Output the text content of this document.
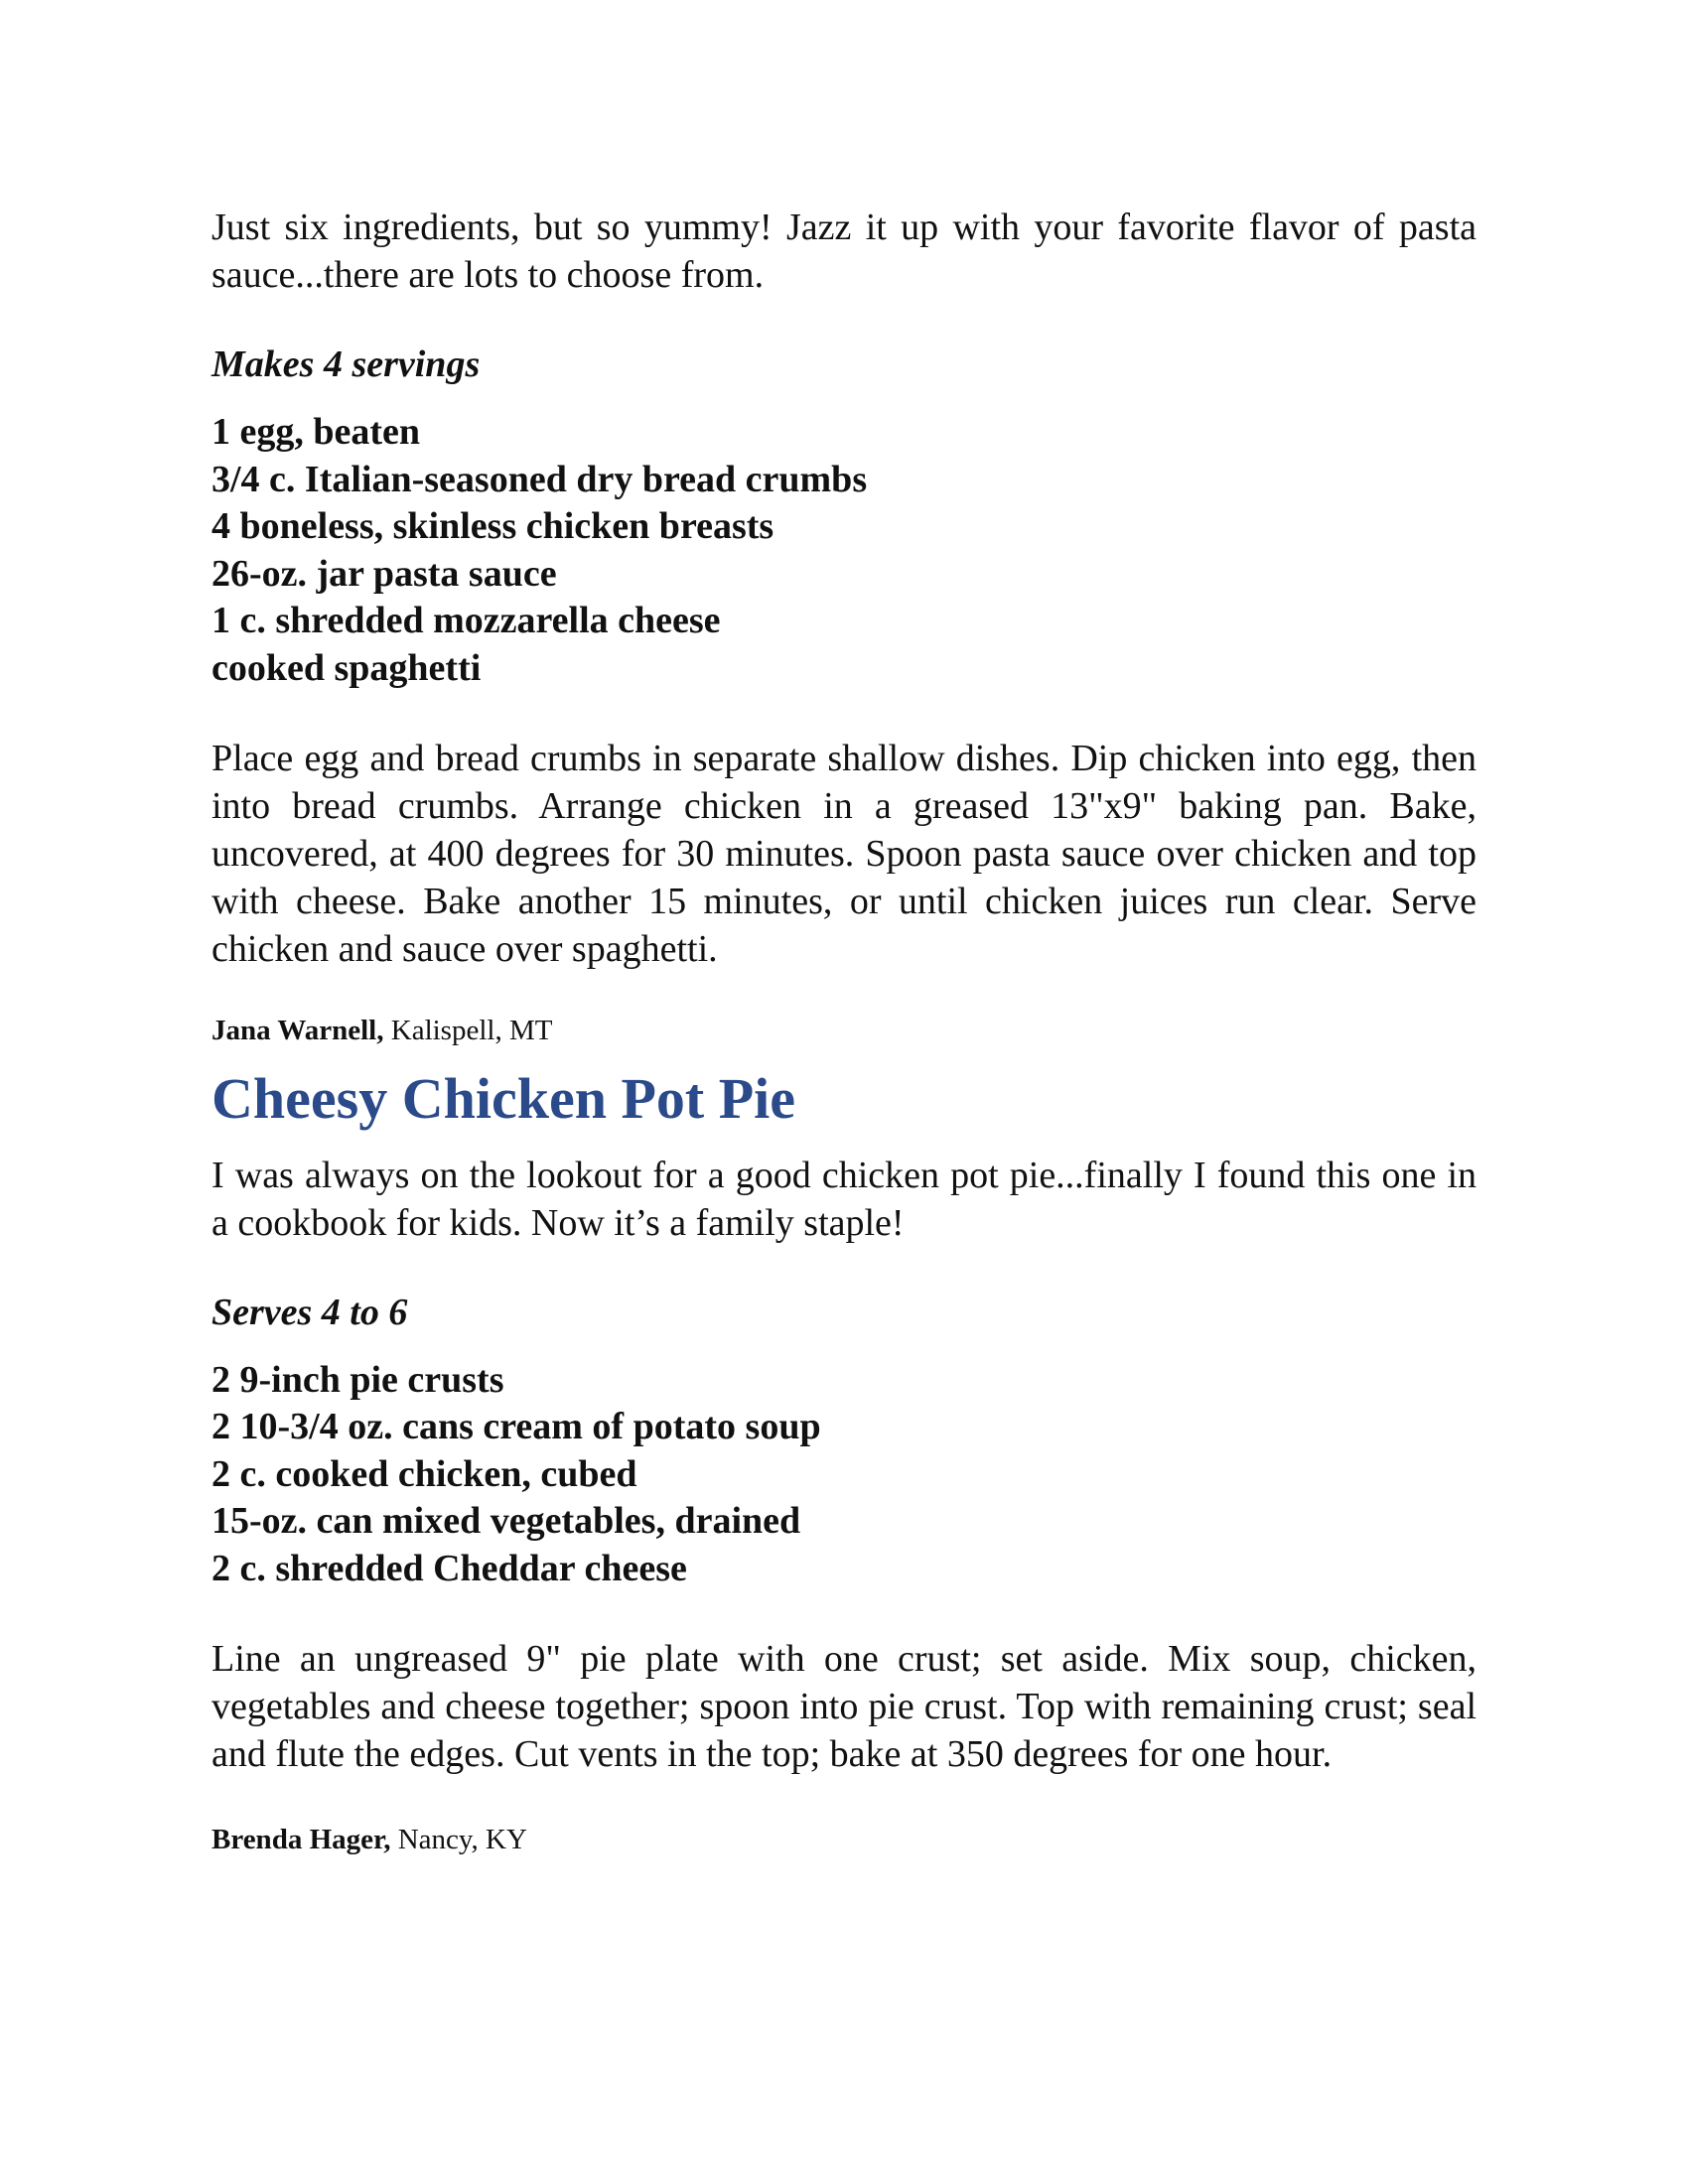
Just six ingredients, but so yummy! Jazz it up with your favorite flavor of pasta sauce...there are lots to choose from.

Makes 4 servings

1 egg, beaten
3/4 c. Italian-seasoned dry bread crumbs
4 boneless, skinless chicken breasts
26-oz. jar pasta sauce
1 c. shredded mozzarella cheese
cooked spaghetti

Place egg and bread crumbs in separate shallow dishes. Dip chicken into egg, then into bread crumbs. Arrange chicken in a greased 13"x9" baking pan. Bake, uncovered, at 400 degrees for 30 minutes. Spoon pasta sauce over chicken and top with cheese. Bake another 15 minutes, or until chicken juices run clear. Serve chicken and sauce over spaghetti.

Jana Warnell, Kalispell, MT

Cheesy Chicken Pot Pie

I was always on the lookout for a good chicken pot pie...finally I found this one in a cookbook for kids. Now it’s a family staple!

Serves 4 to 6

2 9-inch pie crusts
2 10-3/4 oz. cans cream of potato soup
2 c. cooked chicken, cubed
15-oz. can mixed vegetables, drained
2 c. shredded Cheddar cheese

Line an ungreased 9" pie plate with one crust; set aside. Mix soup, chicken, vegetables and cheese together; spoon into pie crust. Top with remaining crust; seal and flute the edges. Cut vents in the top; bake at 350 degrees for one hour.

Brenda Hager, Nancy, KY
